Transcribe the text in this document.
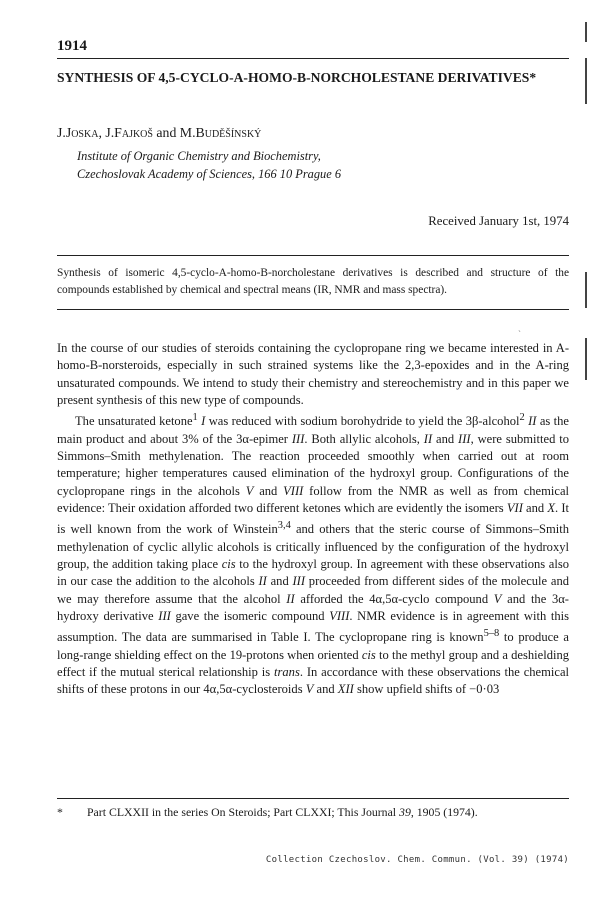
1914
SYNTHESIS OF 4,5-CYCLO-A-HOMO-B-NORCHOLESTANE DERIVATIVES*
J.Joska, J.Fajkoš and M.Buděšínský
Institute of Organic Chemistry and Biochemistry,
Czechoslovak Academy of Sciences, 166 10 Prague 6
Received January 1st, 1974
Synthesis of isomeric 4,5-cyclo-A-homo-B-norcholestane derivatives is described and structure of the compounds established by chemical and spectral means (IR, NMR and mass spectra).
ˎ

In the course of our studies of steroids containing the cyclopropane ring we became interested in A-homo-B-norsteroids, especially in such strained systems like the 2,3-epoxides and in the A-ring unsaturated compounds. We intend to study their chemistry and stereochemistry and in this paper we present synthesis of this new type of compounds.

The unsaturated ketone$^1$ I was reduced with sodium borohydride to yield the 3β-alcohol$^2$ II as the main product and about 3% of the 3α-epimer III. Both allylic alcohols, II and III, were submitted to Simmons–Smith methylenation. The reaction proceeded smoothly when carried out at room temperature; higher temperatures caused elimination of the hydroxyl group. Configurations of the cyclopropane rings in the alcohols V and VIII follow from the NMR as well as from chemical evidence: Their oxidation afforded two different ketones which are evidently the isomers VII and X. It is well known from the work of Winstein$^{3,4}$ and others that the steric course of Simmons–Smith methylenation of cyclic allylic alcohols is critically influenced by the configuration of the hydroxyl group, the addition taking place cis to the hydroxyl group. In agreement with these observations also in our case the addition to the alcohols II and III proceeded from different sides of the molecule and we may therefore assume that the alcohol II afforded the 4α,5α-cyclo compound V and the 3α-hydroxy derivative III gave the isomeric compound VIII. NMR evidence is in agreement with this assumption. The data are summarised in Table I. The cyclopropane ring is known$^{5-8}$ to produce a long-range shielding effect on the 19-protons when oriented cis to the methyl group and a deshielding effect if the mutual sterical relationship is trans. In accordance with these observations the chemical shifts of these protons in our 4α,5α-cyclosteroids V and XII show upfield shifts of −0·03

* Part CLXXII in the series On Steroids; Part CLXXI; This Journal 39, 1905 (1974).
Collection Czechoslov. Chem. Commun. (Vol. 39) (1974)
